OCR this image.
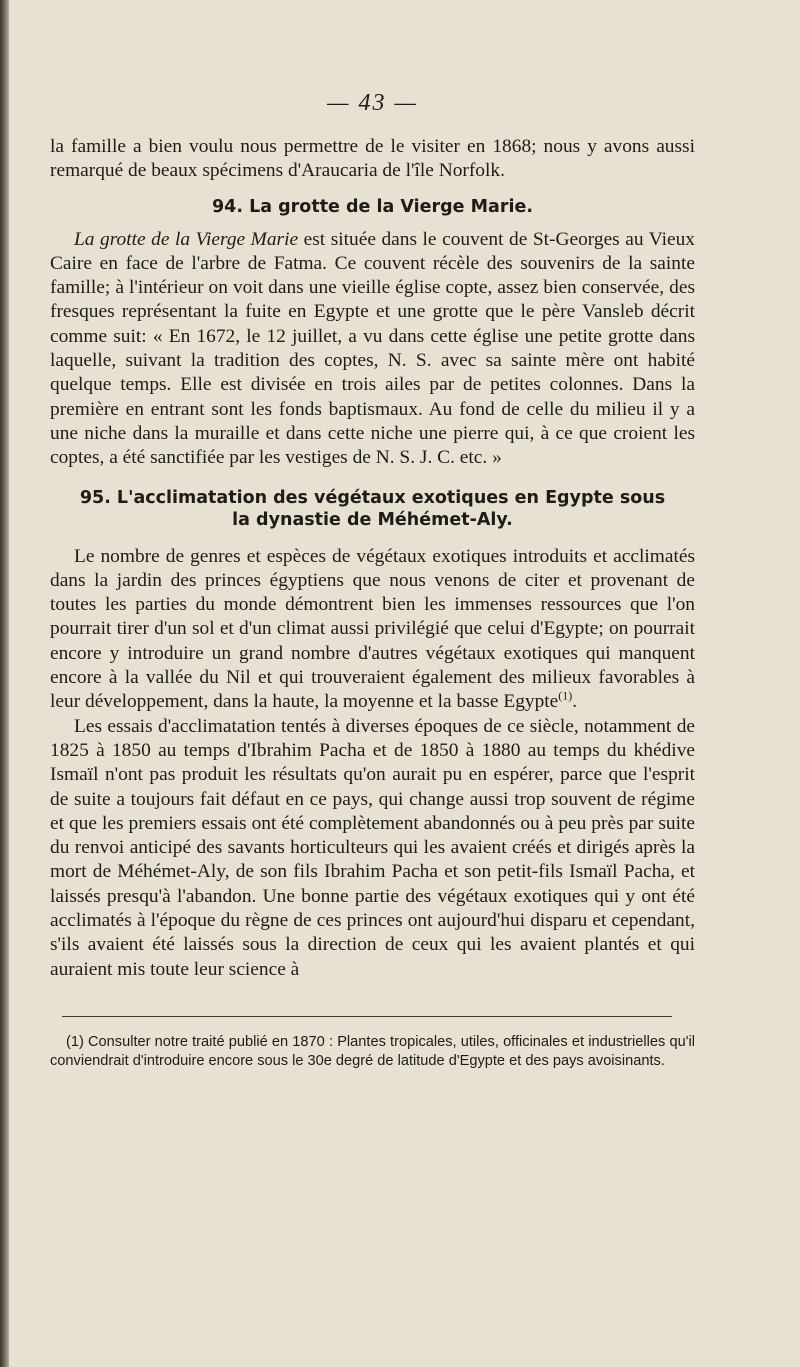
— 43 —

la famille a bien voulu nous permettre de le visiter en 1868; nous y avons aussi remarqué de beaux spécimens d'Araucaria de l'île Norfolk.

94. La grotte de la Vierge Marie.

La grotte de la Vierge Marie est située dans le couvent de St-Georges au Vieux Caire en face de l'arbre de Fatma. Ce couvent récèle des souvenirs de la sainte famille; à l'intérieur on voit dans une vieille église copte, assez bien conservée, des fresques représentant la fuite en Egypte et une grotte que le père Vansleb décrit comme suit: « En 1672, le 12 juillet, a vu dans cette église une petite grotte dans laquelle, suivant la tradition des coptes, N. S. avec sa sainte mère ont habité quelque temps. Elle est divisée en trois ailes par de petites colonnes. Dans la première en entrant sont les fonds baptismaux. Au fond de celle du milieu il y a une niche dans la muraille et dans cette niche une pierre qui, à ce que croient les coptes, a été sanctifiée par les vestiges de N. S. J. C. etc. »

95. L'acclimatation des végétaux exotiques en Egypte sous
la dynastie de Méhémet-Aly.

Le nombre de genres et espèces de végétaux exotiques introduits et acclimatés dans la jardin des princes égyptiens que nous venons de citer et provenant de toutes les parties du monde démontrent bien les immenses ressources que l'on pourrait tirer d'un sol et d'un climat aussi privilégié que celui d'Egypte; on pourrait encore y introduire un grand nombre d'autres végétaux exotiques qui manquent encore à la vallée du Nil et qui trouveraient également des milieux favorables à leur développement, dans la haute, la moyenne et la basse Egypte$^{(1)}$.

Les essais d'acclimatation tentés à diverses époques de ce siècle, notamment de 1825 à 1850 au temps d'Ibrahim Pacha et de 1850 à 1880 au temps du khédive Ismaïl n'ont pas produit les résultats qu'on aurait pu en espérer, parce que l'esprit de suite a toujours fait défaut en ce pays, qui change aussi trop souvent de régime et que les premiers essais ont été complètement abandonnés ou à peu près par suite du renvoi anticipé des savants horticulteurs qui les avaient créés et dirigés après la mort de Méhémet-Aly, de son fils Ibrahim Pacha et son petit-fils Ismaïl Pacha, et laissés presqu'à l'abandon. Une bonne partie des végétaux exotiques qui y ont été acclimatés à l'époque du règne de ces princes ont aujourd'hui disparu et cependant, s'ils avaient été laissés sous la direction de ceux qui les avaient plantés et qui auraient mis toute leur science à

(1) Consulter notre traité publié en 1870 : Plantes tropicales, utiles, officinales et industrielles qu'il conviendrait d'introduire encore sous le 30e degré de latitude d'Egypte et des pays avoisinants.
